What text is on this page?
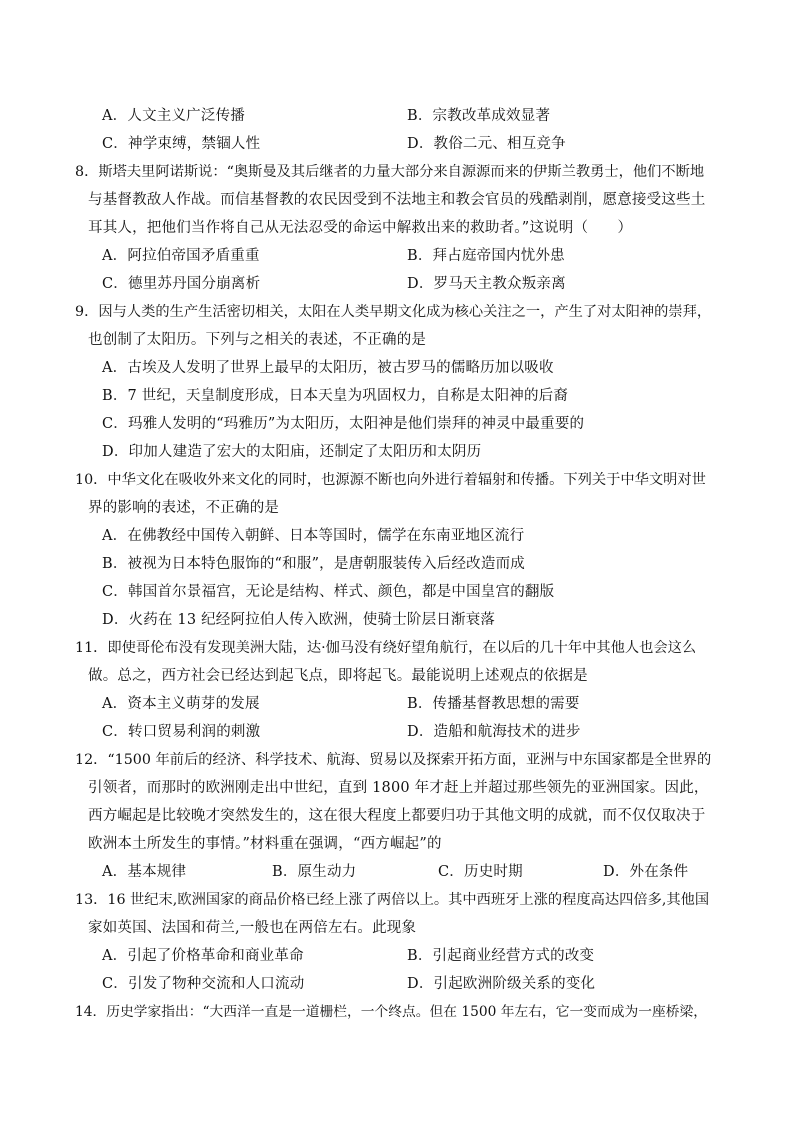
A．人文主义广泛传播	B．宗教改革成效显著
C．神学束缚，禁锢人性	D．教俗二元、相互竞争
8．斯塔夫里阿诺斯说：“奥斯曼及其后继者的力量大部分来自源源而来的伊斯兰教勇士，他们不断地
与基督教敌人作战。而信基督教的农民因受到不法地主和教会官员的残酷剥削，愿意接受这些土
耳其人，把他们当作将自己从无法忍受的命运中解救出来的救助者。”这说明（　　）
A．阿拉伯帝国矛盾重重	B．拜占庭帝国内忧外患
C．德里苏丹国分崩离析	D．罗马天主教众叛亲离
9．因与人类的生产生活密切相关，太阳在人类早期文化成为核心关注之一，产生了对太阳神的崇拜，
也创制了太阳历。下列与之相关的表述，不正确的是
A．古埃及人发明了世界上最早的太阳历，被古罗马的儒略历加以吸收
B．7 世纪，天皇制度形成，日本天皇为巩固权力，自称是太阳神的后裔
C．玛雅人发明的“玛雅历”为太阳历，太阳神是他们崇拜的神灵中最重要的
D．印加人建造了宏大的太阳庙，还制定了太阳历和太阴历
10．中华文化在吸收外来文化的同时，也源源不断也向外进行着辐射和传播。下列关于中华文明对世
界的影响的表述，不正确的是
A．在佛教经中国传入朝鲜、日本等国时，儒学在东南亚地区流行
B．被视为日本特色服饰的“和服”，是唐朝服装传入后经改造而成
C．韩国首尔景福宫，无论是结构、样式、颜色，都是中国皇宫的翻版
D．火药在 13 纪经阿拉伯人传入欧洲，使骑士阶层日渐衰落
11．即使哥伦布没有发现美洲大陆，达·伽马没有绕好望角航行，在以后的几十年中其他人也会这么
做。总之，西方社会已经达到起飞点，即将起飞。最能说明上述观点的依据是
A．资本主义萌芽的发展	B．传播基督教思想的需要
C．转口贸易利润的刺激	D．造船和航海技术的进步
12．“1500 年前后的经济、科学技术、航海、贸易以及探索开拓方面，亚洲与中东国家都是全世界的
引领者，而那时的欧洲刚走出中世纪，直到 1800 年才赶上并超过那些领先的亚洲国家。因此，
西方崛起是比较晚才突然发生的，这在很大程度上都要归功于其他文明的成就，而不仅仅取决于
欧洲本土所发生的事情。”材料重在强调，“西方崛起”的
A．基本规律	B．原生动力	C．历史时期	D．外在条件
13．16 世纪末,欧洲国家的商品价格已经上涨了两倍以上。其中西班牙上涨的程度高达四倍多,其他国
家如英国、法国和荷兰,一般也在两倍左右。此现象
A．引起了价格革命和商业革命	B．引起商业经营方式的改变
C．引发了物种交流和人口流动	D．引起欧洲阶级关系的变化
14．历史学家指出：“大西洋一直是一道栅栏，一个终点。但在 1500 年左右，它一变而成为一座桥梁，
